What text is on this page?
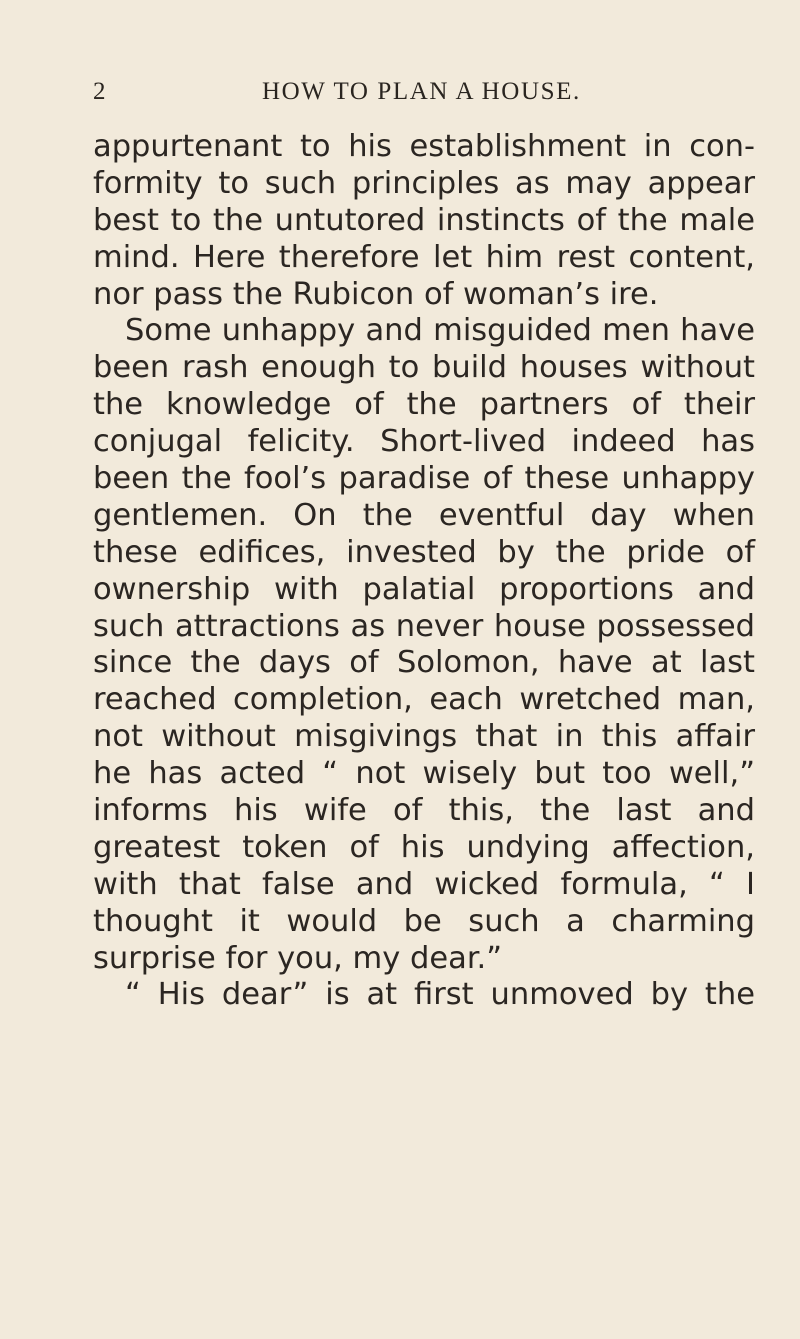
2	HOW TO PLAN A HOUSE.
appurtenant to his establishment in con-
formity to such principles as may appear
best to the untutored instincts of the male
mind. Here therefore let him rest content,
nor pass the Rubicon of woman’s ire.
Some unhappy and misguided men have
been rash enough to build houses without
the knowledge of the partners of their
conjugal felicity. Short-lived indeed has
been the fool’s paradise of these unhappy
gentlemen. On the eventful day when
these edifices, invested by the pride of
ownership with palatial proportions and
such attractions as never house possessed
since the days of Solomon, have at last
reached completion, each wretched man,
not without misgivings that in this affair
he has acted “ not wisely but too well,”
informs his wife of this, the last and
greatest token of his undying affection,
with that false and wicked formula, “ I
thought it would be such a charming
surprise for you, my dear.”
“ His dear” is at first unmoved by the
